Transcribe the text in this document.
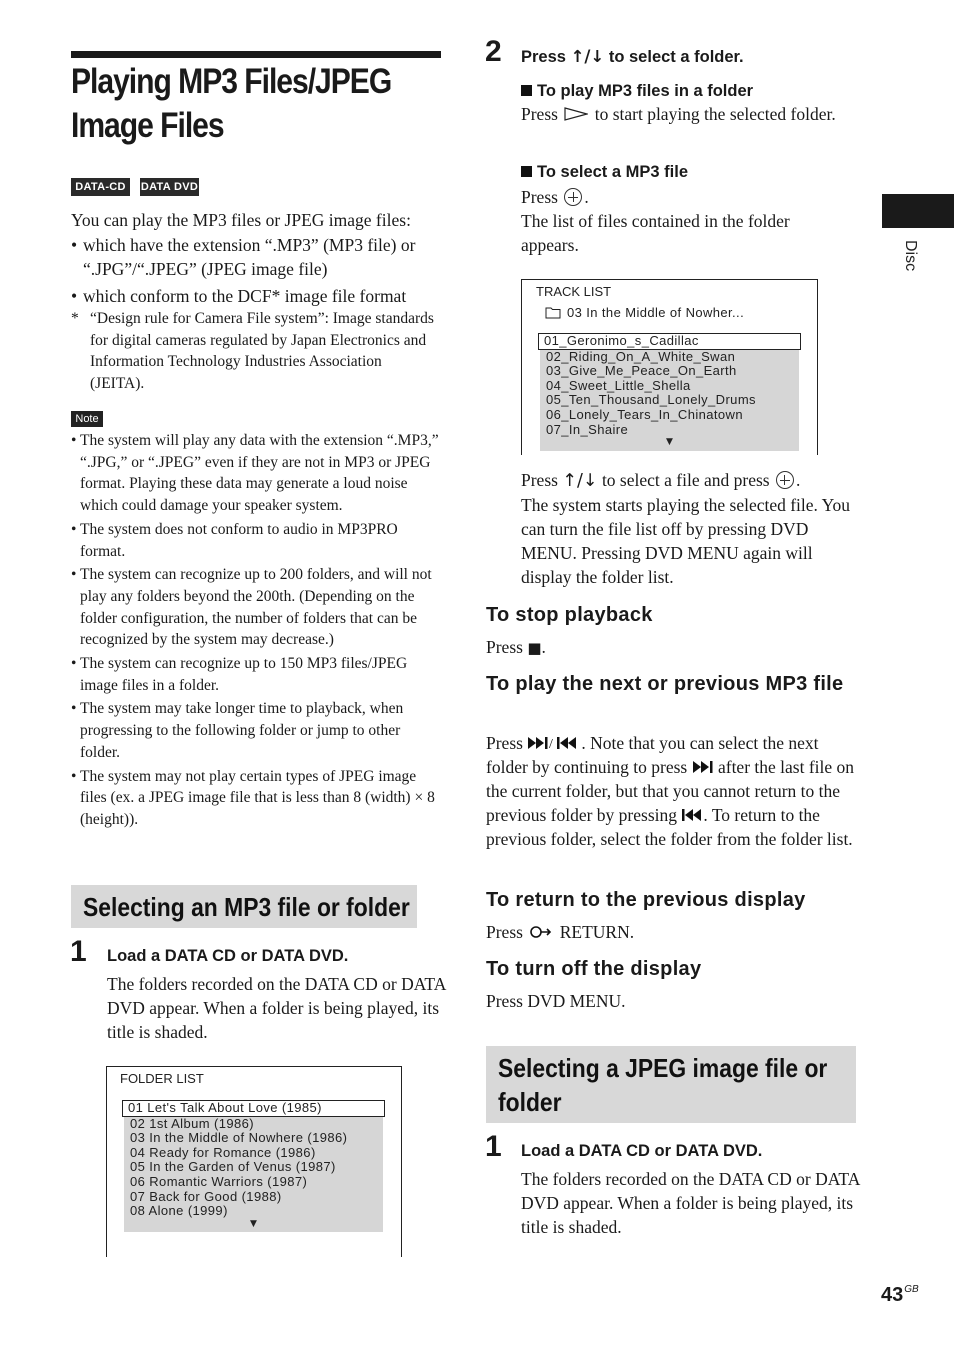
Playing MP3 Files/JPEG Image Files
DATA-CD	DATA DVD
You can play the MP3 files or JPEG image files:
• which have the extension “.MP3” (MP3 file) or “.JPG”/“.JPEG” (JPEG image file)
• which conform to the DCF* image file format
* “Design rule for Camera File system”: Image standards for digital cameras regulated by Japan Electronics and Information Technology Industries Association (JEITA).
Note
• The system will play any data with the extension “.MP3,” “.JPG,” or “.JPEG” even if they are not in MP3 or JPEG format. Playing these data may generate a loud noise which could damage your speaker system.
• The system does not conform to audio in MP3PRO format.
• The system can recognize up to 200 folders, and will not play any folders beyond the 200th. (Depending on the folder configuration, the number of folders that can be recognized by the system may decrease.)
• The system can recognize up to 150 MP3 files/JPEG image files in a folder.
• The system may take longer time to playback, when progressing to the following folder or jump to other folder.
• The system may not play certain types of JPEG image files (ex. a JPEG image file that is less than 8 (width) × 8 (height)).
Selecting an MP3 file or folder
1 Load a DATA CD or DATA DVD.
The folders recorded on the DATA CD or DATA DVD appear. When a folder is being played, its title is shaded.
FOLDER LIST
01 Let's Talk About Love (1985)
02 1st Album (1986)
03 In the Middle of Nowhere (1986)
04 Ready for Romance (1986)
05 In the Garden of Venus (1987)
06 Romantic Warriors (1987)
07 Back for Good (1988)
08 Alone (1999)
▼
2 Press ↑/↓ to select a folder.
To play MP3 files in a folder
Press to start playing the selected folder.
To select a MP3 file
Press .
The list of files contained in the folder appears.
TRACK LIST
03 In the Middle of Nowher...
01_Geronimo_s_Cadillac
02_Riding_On_A_White_Swan
03_Give_Me_Peace_On_Earth
04_Sweet_Little_Shella
05_Ten_Thousand_Lonely_Drums
06_Lonely_Tears_In_Chinatown
07_In_Shaire
▼
Press ↑/↓ to select a file and press .
The system starts playing the selected file. You can turn the file list off by pressing DVD MENU. Pressing DVD MENU again will display the folder list.
To stop playback
Press ■.
To play the next or previous MP3 file
Press / . Note that you can select the next folder by continuing to press after the last file on the current folder, but that you cannot return to the previous folder by pressing . To return to the previous folder, select the folder from the folder list.
To return to the previous display
Press RETURN.
To turn off the display
Press DVD MENU.
Selecting a JPEG image file or folder
1 Load a DATA CD or DATA DVD.
The folders recorded on the DATA CD or DATA DVD appear. When a folder is being played, its title is shaded.
Disc
$43^{GB}$
